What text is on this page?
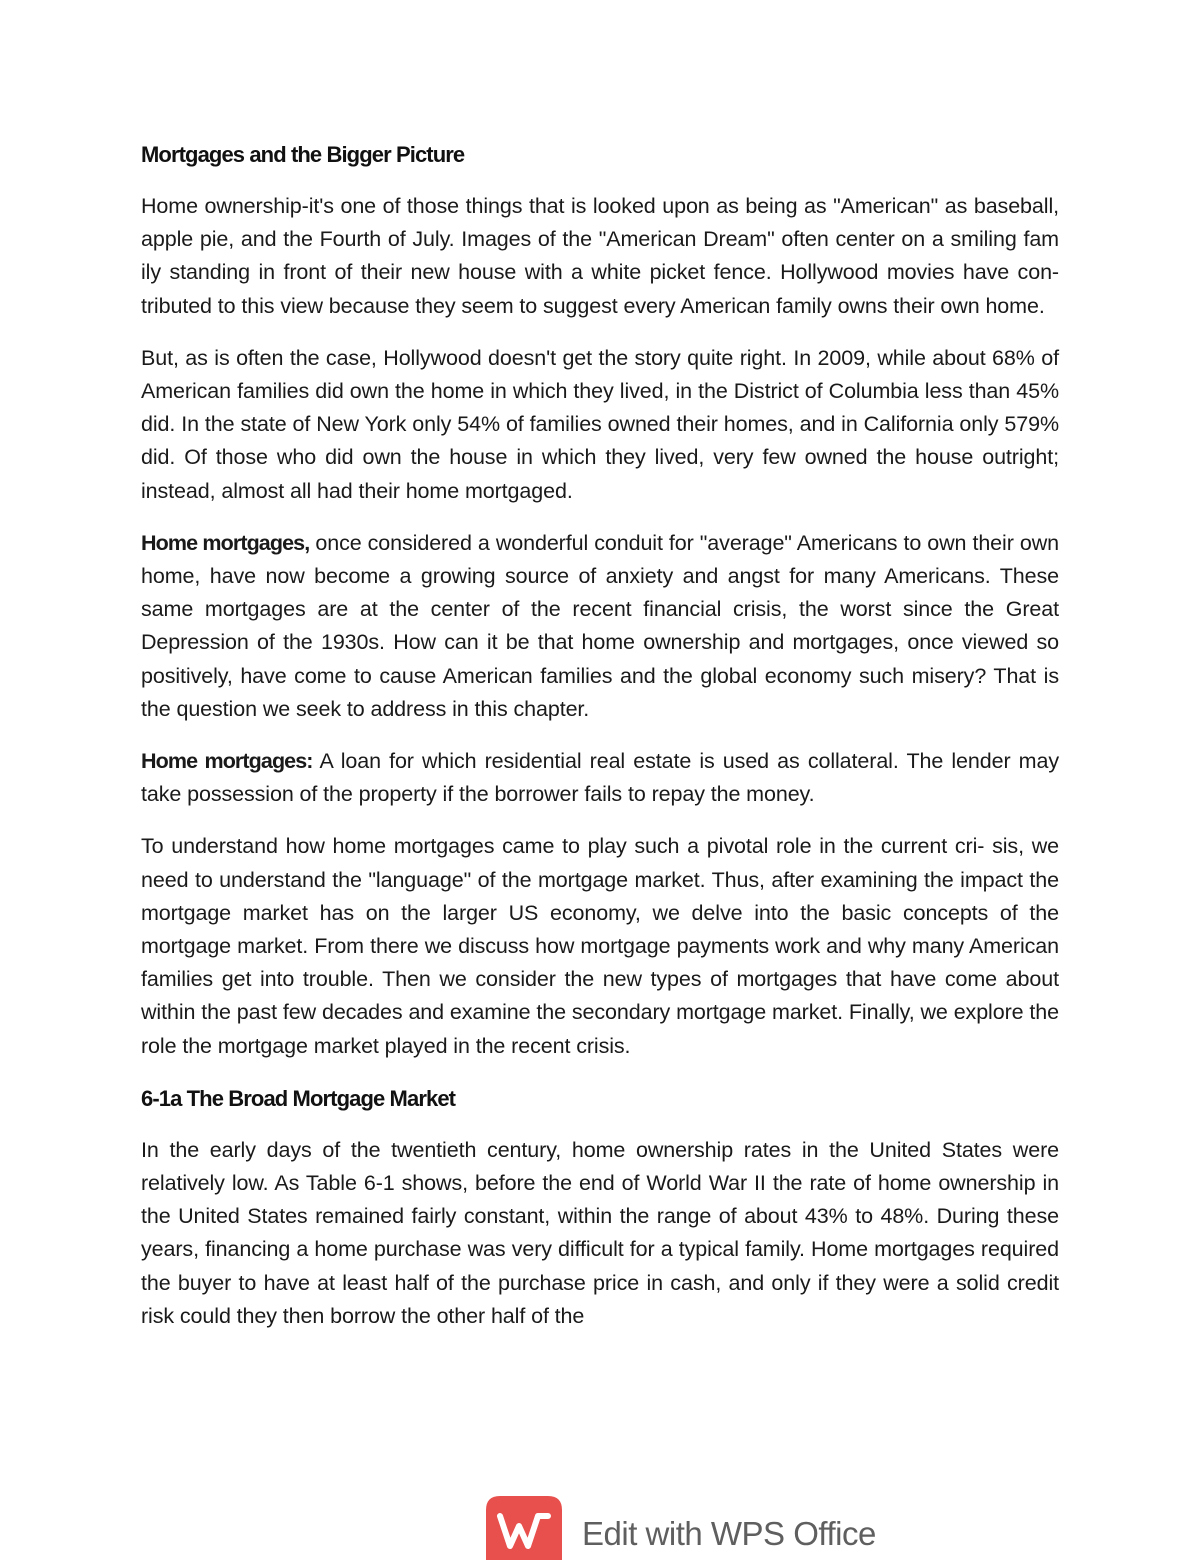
Mortgages and the Bigger Picture

Home ownership-it's one of those things that is looked upon as being as "American" as baseball, apple pie, and the Fourth of July. Images of the "American Dream" often center on a smiling fam ily standing in front of their new house with a white picket fence. Hollywood movies have con- tributed to this view because they seem to suggest every American family owns their own home.

But, as is often the case, Hollywood doesn't get the story quite right. In 2009, while about 68% of American families did own the home in which they lived, in the District of Columbia less than 45% did. In the state of New York only 54% of families owned their homes, and in California only 579% did. Of those who did own the house in which they lived, very few owned the house outright; instead, almost all had their home mortgaged.

Home mortgages, once considered a wonderful conduit for "average" Americans to own their own home, have now become a growing source of anxiety and angst for many Americans. These same mortgages are at the center of the recent financial crisis, the worst since the Great Depression of the 1930s. How can it be that home ownership and mortgages, once viewed so positively, have come to cause American families and the global economy such misery? That is the question we seek to address in this chapter.

Home mortgages: A loan for which residential real estate is used as collateral. The lender may take possession of the property if the borrower fails to repay the money.

To understand how home mortgages came to play such a pivotal role in the current cri- sis, we need to understand the "language" of the mortgage market. Thus, after examining the impact the mortgage market has on the larger US economy, we delve into the basic concepts of the mortgage market. From there we discuss how mortgage payments work and why many American families get into trouble. Then we consider the new types of mortgages that have come about within the past few decades and examine the secondary mortgage market. Finally, we explore the role the mortgage market played in the recent crisis.

6-1a The Broad Mortgage Market

In the early days of the twentieth century, home ownership rates in the United States were relatively low. As Table 6-1 shows, before the end of World War II the rate of home ownership in the United States remained fairly constant, within the range of about 43% to 48%. During these years, financing a home purchase was very difficult for a typical family. Home mortgages required the buyer to have at least half of the purchase price in cash, and only if they were a solid credit risk could they then borrow the other half of the

Edit with WPS Office
